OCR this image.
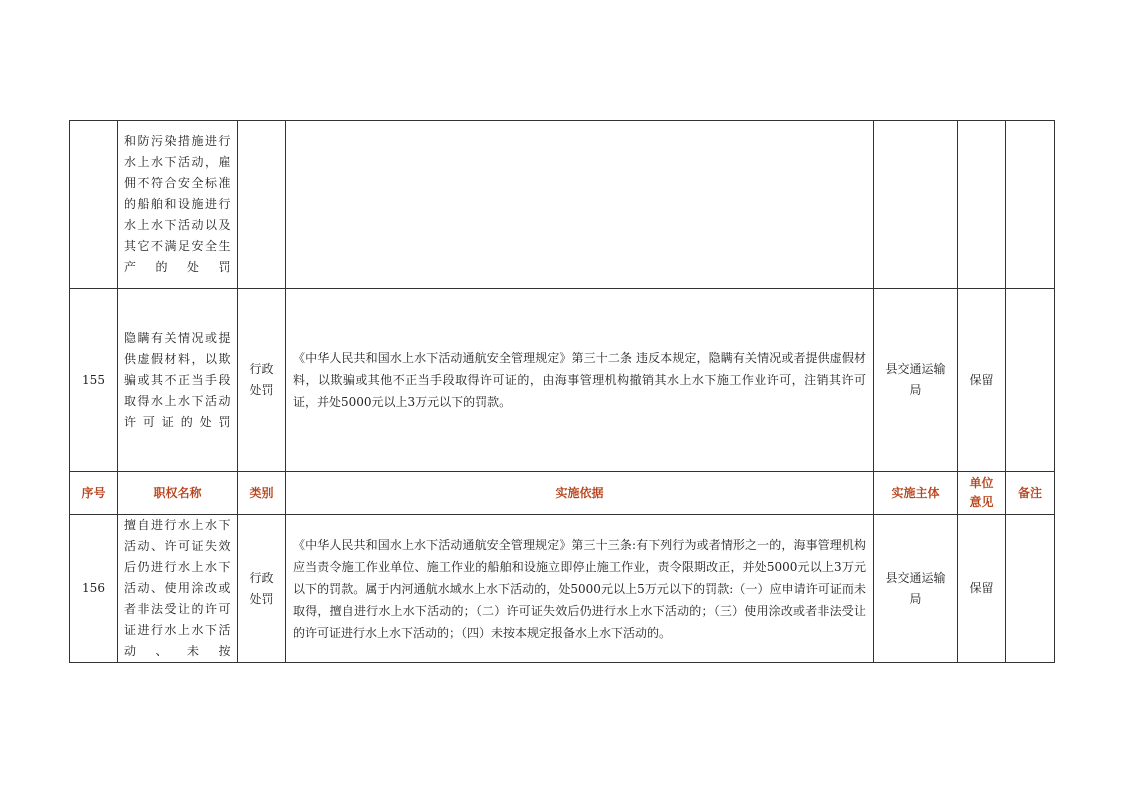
	和防污染措施进行水上水下活动，雇佣不符合安全标准的船舶和设施进行水上水下活动以及其它不满足安全生产的处罚					
155	隐瞒有关情况或提供虚假材料，以欺骗或其不正当手段取得水上水下活动许可证的处罚	行政处罚	《中华人民共和国水上水下活动通航安全管理规定》第三十二条 违反本规定，隐瞒有关情况或者提供虚假材料，以欺骗或其他不正当手段取得许可证的，由海事管理机构撤销其水上水下施工作业许可，注销其许可证，并处5000元以上3万元以下的罚款。	县交通运输局	保留	
序号	职权名称	类别	实施依据	实施主体	单位意见	备注
156	擅自进行水上水下活动、许可证失效后仍进行水上水下活动、使用涂改或者非法受让的许可证进行水上水下活动、未按	行政处罚	《中华人民共和国水上水下活动通航安全管理规定》第三十三条:有下列行为或者情形之一的，海事管理机构应当责令施工作业单位、施工作业的船舶和设施立即停止施工作业，责令限期改正，并处5000元以上3万元以下的罚款。属于内河通航水域水上水下活动的，处5000元以上5万元以下的罚款:（一）应申请许可证而未取得，擅自进行水上水下活动的；（二）许可证失效后仍进行水上水下活动的；（三）使用涂改或者非法受让的许可证进行水上水下活动的；（四）未按本规定报备水上水下活动的。	县交通运输局	保留	
